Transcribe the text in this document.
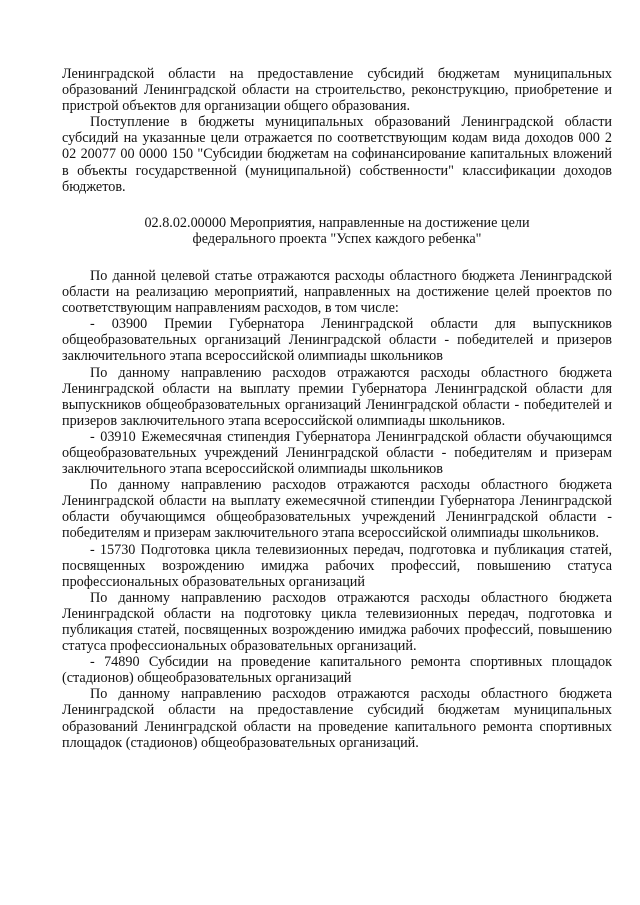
Ленинградской области на предоставление субсидий бюджетам муниципальных образований Ленинградской области на строительство, реконструкцию, приобретение и пристрой объектов для организации общего образования.

Поступление в бюджеты муниципальных образований Ленинградской области субсидий на указанные цели отражается по соответствующим кодам вида доходов 000 2 02 20077 00 0000 150 "Субсидии бюджетам на софинансирование капитальных вложений в объекты государственной (муниципальной) собственности" классификации доходов бюджетов.

02.8.02.00000 Мероприятия, направленные на достижение цели
федерального проекта "Успех каждого ребенка"

По данной целевой статье отражаются расходы областного бюджета Ленинградской области на реализацию мероприятий, направленных на достижение целей проектов по соответствующим направлениям расходов, в том числе:

- 03900 Премии Губернатора Ленинградской области для выпускников общеобразовательных организаций Ленинградской области - победителей и призеров заключительного этапа всероссийской олимпиады школьников

По данному направлению расходов отражаются расходы областного бюджета Ленинградской области на выплату премии Губернатора Ленинградской области для выпускников общеобразовательных организаций Ленинградской области - победителей и призеров заключительного этапа всероссийской олимпиады школьников.

- 03910 Ежемесячная стипендия Губернатора Ленинградской области обучающимся общеобразовательных учреждений Ленинградской области - победителям и призерам заключительного этапа всероссийской олимпиады школьников

По данному направлению расходов отражаются расходы областного бюджета Ленинградской области на выплату ежемесячной стипендии Губернатора Ленинградской области обучающимся общеобразовательных учреждений Ленинградской области - победителям и призерам заключительного этапа всероссийской олимпиады школьников.

- 15730 Подготовка цикла телевизионных передач, подготовка и публикация статей, посвященных возрождению имиджа рабочих профессий, повышению статуса профессиональных образовательных организаций

По данному направлению расходов отражаются расходы областного бюджета Ленинградской области на подготовку цикла телевизионных передач, подготовка и публикация статей, посвященных возрождению имиджа рабочих профессий, повышению статуса профессиональных образовательных организаций.

- 74890 Субсидии на проведение капитального ремонта спортивных площадок (стадионов) общеобразовательных организаций

По данному направлению расходов отражаются расходы областного бюджета Ленинградской области на предоставление субсидий бюджетам муниципальных образований Ленинградской области на проведение капитального ремонта спортивных площадок (стадионов) общеобразовательных организаций.
